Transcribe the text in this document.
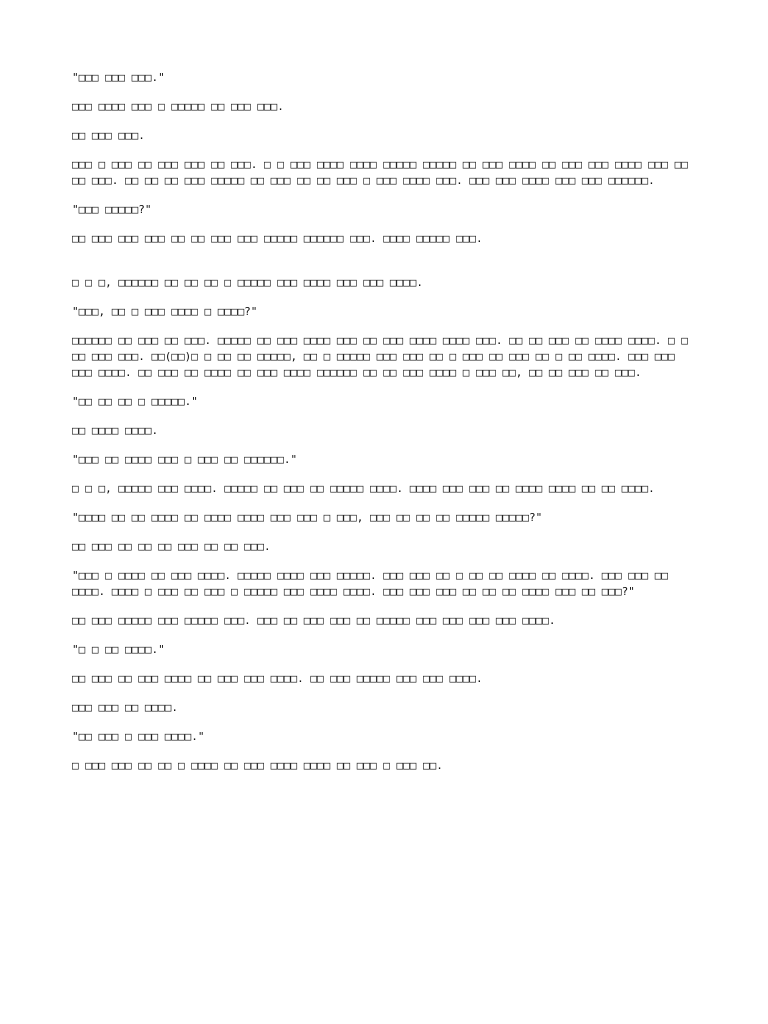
"□□□ □□□ □□□."

□□□ □□□□ □□□ □ □□□□□ □□ □□□ □□□.

□□ □□□ □□□.

□□□ □ □□□ □□ □□□ □□□ □□ □□□. □ □ □□□ □□□□ □□□□ □□□□□ □□□□□ □□ □□□ □□□□ □□ □□□ □□□ □□□□ □□□ □□ □□ □□□. □□ □□ □□ □□□ □□□□□ □□ □□□ □□ □□ □□□ □ □□□ □□□□ □□□. □□□ □□□ □□□□ □□□ □□□ □□□□□□.

"□□□ □□□□□?"

□□ □□□ □□□ □□□ □□ □□ □□□ □□□ □□□□□ □□□□□□ □□□. □□□□ □□□□□ □□□.

□ □ □, □□□□□□ □□ □□ □□ □ □□□□□ □□□ □□□□ □□□ □□□ □□□□.

"□□□, □□ □ □□□ □□□□ □ □□□□?"

□□□□□□ □□ □□□ □□ □□□. □□□□□ □□ □□□ □□□□ □□□ □□ □□□ □□□□ □□□□ □□□. □□ □□ □□□ □□ □□□□ □□□□. □ □ □□ □□□ □□□. □□(□□)□ □ □□ □□ □□□□□, □□ □ □□□□□ □□□ □□□ □□ □ □□□ □□ □□□ □□ □ □□ □□□□. □□□ □□□ □□□ □□□□. □□ □□□ □□ □□□□ □□ □□□ □□□□ □□□□□□ □□ □□ □□□ □□□□ □ □□□ □□, □□ □□ □□□ □□ □□□.

"□□ □□ □□ □ □□□□□."

□□ □□□□ □□□□.

"□□□ □□ □□□□ □□□ □ □□□ □□ □□□□□□."

□ □ □, □□□□□ □□□ □□□□. □□□□□ □□ □□□ □□ □□□□□ □□□□. □□□□ □□□ □□□ □□ □□□□ □□□□ □□ □□ □□□□.

"□□□□ □□ □□ □□□□ □□ □□□□ □□□□ □□□ □□□ □ □□□, □□□ □□ □□ □□ □□□□□ □□□□□?"

□□ □□□ □□ □□ □□ □□□ □□ □□ □□□.

"□□□ □ □□□□ □□ □□□ □□□□. □□□□□ □□□□ □□□ □□□□□. □□□ □□□ □□ □ □□ □□ □□□□ □□ □□□□. □□□ □□□ □□ □□□□. □□□□ □ □□□ □□ □□□ □ □□□□□ □□□ □□□□ □□□□. □□□ □□□ □□□ □□ □□ □□ □□□□ □□□ □□ □□□?"

□□ □□□ □□□□□ □□□ □□□□□ □□□. □□□ □□ □□□ □□□ □□ □□□□□ □□□ □□□ □□□ □□□ □□□□.

"□ □ □□ □□□□."

□□ □□□ □□ □□□ □□□□ □□ □□□ □□□ □□□□. □□ □□□ □□□□□ □□□ □□□ □□□□.

□□□ □□□ □□ □□□□.

"□□ □□□ □ □□□ □□□□."

□ □□□ □□□ □□ □□ □ □□□□ □□ □□□ □□□□ □□□□ □□ □□□ □ □□□ □□.
